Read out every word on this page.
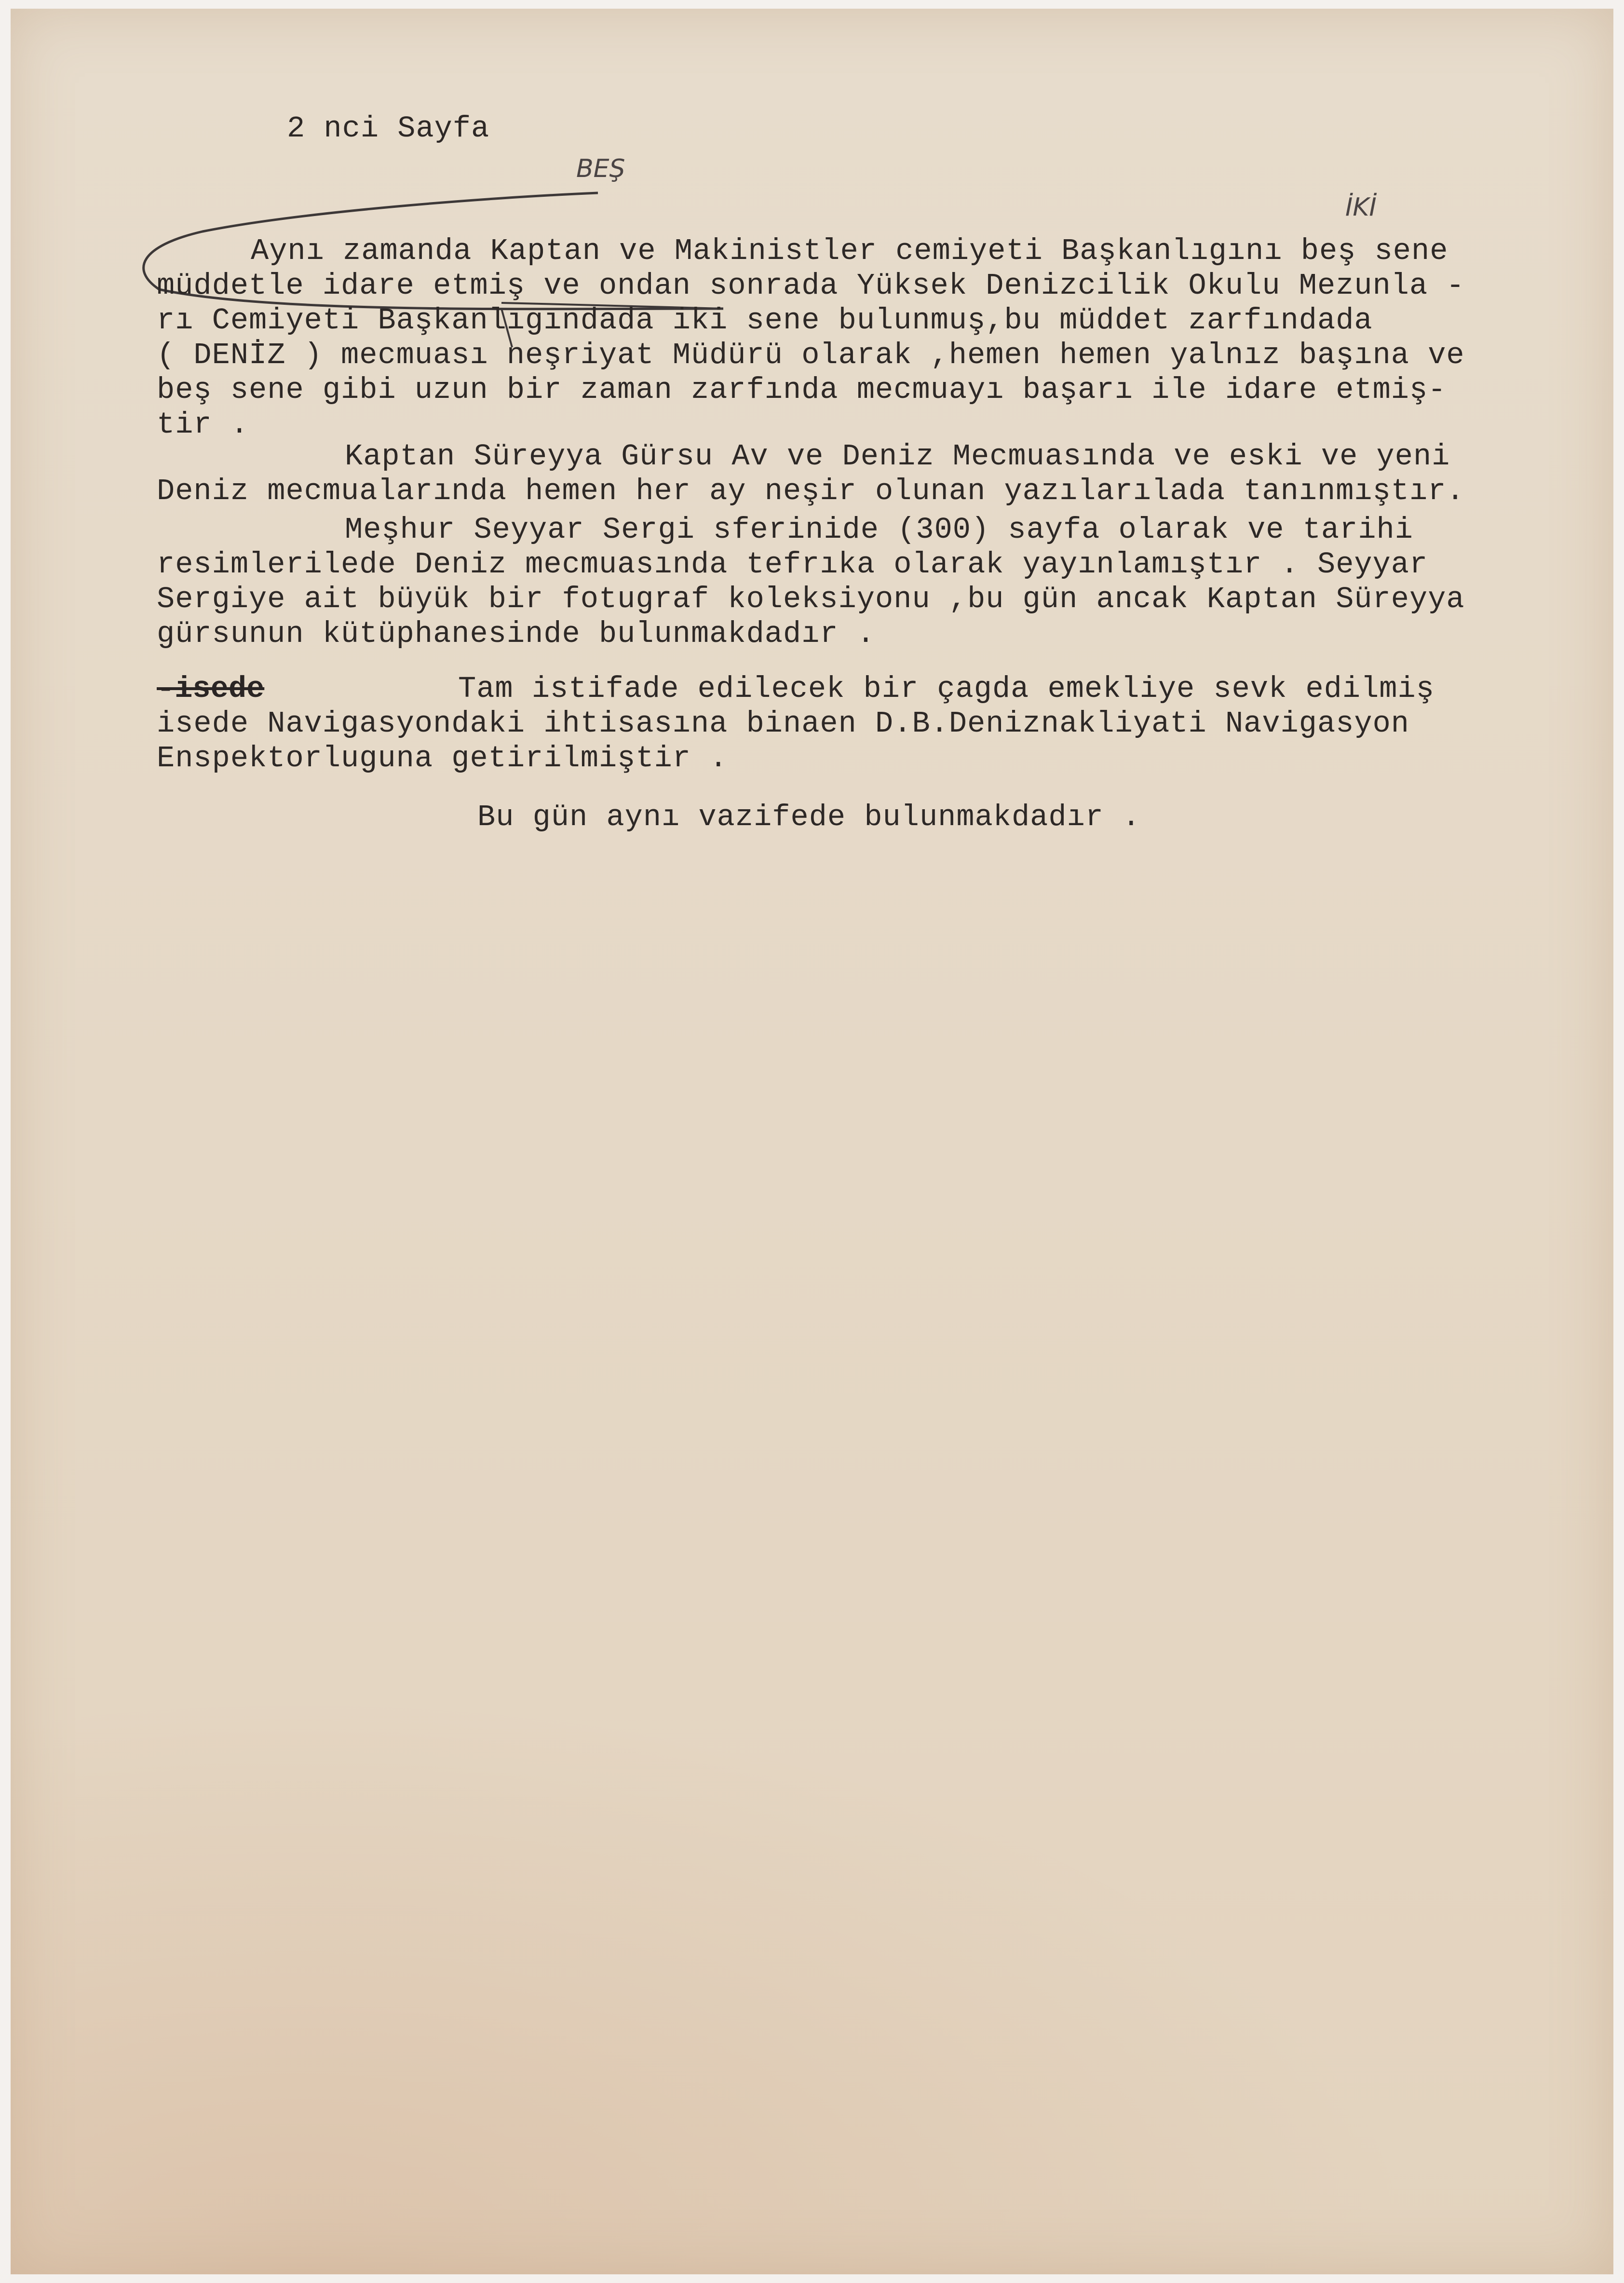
2 nci Sayfa
BEŞ
İKİ
Aynı zamanda Kaptan ve Makinistler cemiyeti Başkanlıgını beş sene
müddetle idare etmiş ve ondan sonrada Yüksek Denizcilik Okulu Mezunla -
rı Cemiyeti Başkanlıgındada iki sene bulunmuş,bu müddet zarfındada
( DENİZ ) mecmuası neşriyat Müdürü olarak ,hemen hemen yalnız başına ve
beş sene gibi uzun bir zaman zarfında mecmuayı başarı ile idare etmiş-
tir .
Kaptan Süreyya Gürsu Av ve Deniz Mecmuasında ve eski ve yeni
Deniz mecmualarında hemen her ay neşir olunan yazılarılada tanınmıştır.
Meşhur Seyyar Sergi sferinide (300) sayfa olarak ve tarihi
resimlerilede Deniz mecmuasında tefrıka olarak yayınlamıştır . Seyyar
Sergiye ait büyük bir fotugraf koleksiyonu ,bu gün ancak Kaptan Süreyya
gürsunun kütüphanesinde bulunmakdadır .
-isede	Tam istifade edilecek bir çagda emekliye sevk edilmiş
isede Navigasyondaki ihtisasına binaen D.B.Deniznakliyati Navigasyon
Enspektorluguna getirilmiştir .
Bu gün aynı vazifede bulunmakdadır .
